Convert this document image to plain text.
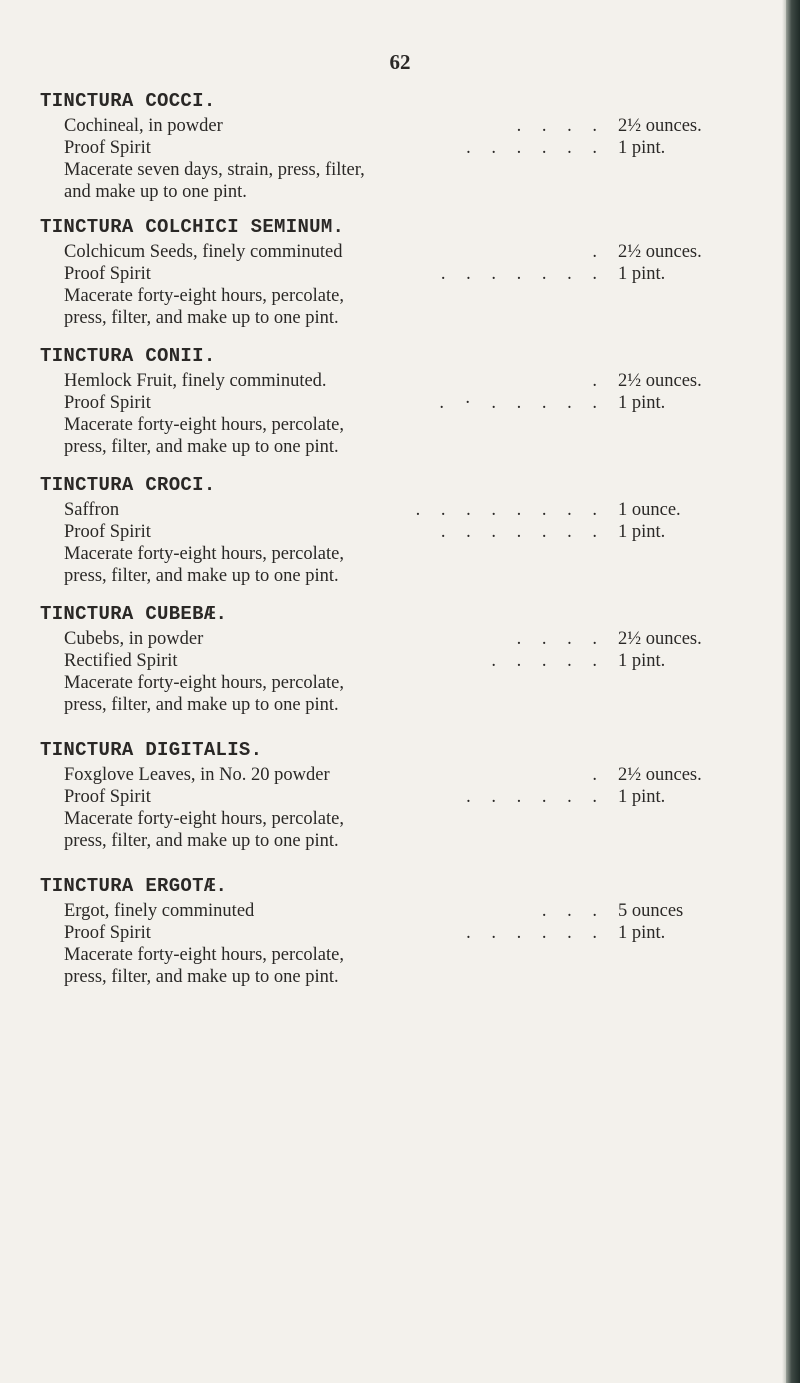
62
TINCTURA COCCI.
Cochineal, in powder	. . . . 2½ ounces.
Proof Spirit	. . . . . . 1 pint.
Macerate seven days, strain, press, filter,
and make up to one pint.
TINCTURA COLCHICI SEMINUM.
Colchicum Seeds, finely comminuted	. 2½ ounces.
Proof Spirit	. . . . . . . 1 pint.
Macerate forty-eight hours, percolate,
press, filter, and make up to one pint.
TINCTURA CONII.
Hemlock Fruit, finely comminuted.	. 2½ ounces.
Proof Spirit	. · . . . . . 1 pint.
Macerate forty-eight hours, percolate,
press, filter, and make up to one pint.
TINCTURA CROCI.
Saffron	. . . . . . . . 1 ounce.
Proof Spirit	. . . . . . . 1 pint.
Macerate forty-eight hours, percolate,
press, filter, and make up to one pint.
TINCTURA CUBEBÆ.
Cubebs, in powder	. . . . 2½ ounces.
Rectified Spirit	. . . . . 1 pint.
Macerate forty-eight hours, percolate,
press, filter, and make up to one pint.
TINCTURA DIGITALIS.
Foxglove Leaves, in No. 20 powder	. 2½ ounces.
Proof Spirit	. . . . . . 1 pint.
Macerate forty-eight hours, percolate,
press, filter, and make up to one pint.
TINCTURA ERGOTÆ.
Ergot, finely comminuted	. . . 5 ounces
Proof Spirit	. . . . . . 1 pint.
Macerate forty-eight hours, percolate,
press, filter, and make up to one pint.
